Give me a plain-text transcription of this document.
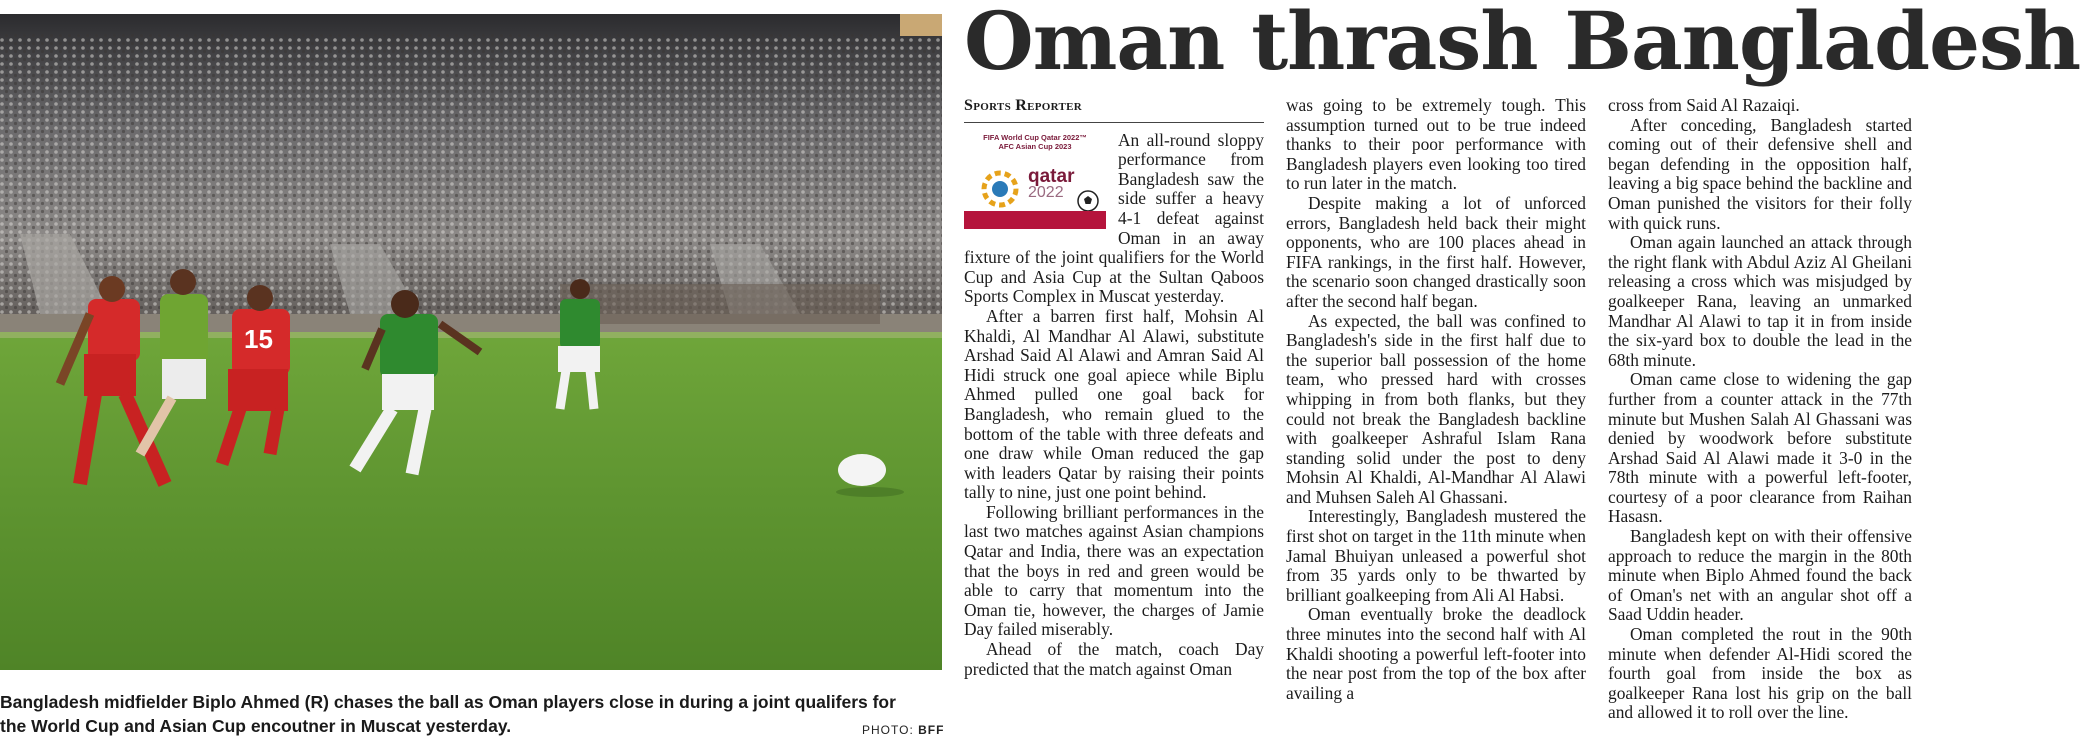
15
Bangladesh midfielder Biplo Ahmed (R) chases the ball as Oman players close in during a joint qualifers for the World Cup and Asian Cup encoutner in Muscat yesterday.	PHOTO: BFF
Oman thrash Bangladesh
Sports Reporter
FIFA World Cup Qatar 2022™
AFC Asian Cup 2023
qatar
2022

An all-round sloppy performance from Bangladesh saw the side suffer a heavy 4-1 defeat against Oman in an away fixture of the joint qualifiers for the World Cup and Asia Cup at the Sultan Qaboos Sports Complex in Muscat yesterday.

After a barren first half, Mohsin Al Khaldi, Al Mandhar Al Alawi, substitute Arshad Said Al Alawi and Amran Said Al Hidi struck one goal apiece while Biplu Ahmed pulled one goal back for Bangladesh, who remain glued to the bottom of the table with three defeats and one draw while Oman reduced the gap with leaders Qatar by raising their points tally to nine, just one point behind.

Following brilliant performances in the last two matches against Asian champions Qatar and India, there was an expectation that the boys in red and green would be able to carry that momentum into the Oman tie, however, the charges of Jamie Day failed miserably.

Ahead of the match, coach Day predicted that the match against Oman

was going to be extremely tough. This assumption turned out to be true indeed thanks to their poor performance with Bangladesh players even looking too tired to run later in the match.

Despite making a lot of unforced errors, Bangladesh held back their might opponents, who are 100 places ahead in FIFA rankings, in the first half. However, the scenario soon changed drastically soon after the second half began.

As expected, the ball was confined to Bangladesh's side in the first half due to the superior ball possession of the home team, who pressed hard with crosses whipping in from both flanks, but they could not break the Bangladesh backline with goalkeeper Ashraful Islam Rana standing solid under the post to deny Mohsin Al Khaldi, Al-Mandhar Al Alawi and Muhsen Saleh Al Ghassani.

Interestingly, Bangladesh mustered the first shot on target in the 11th minute when Jamal Bhuiyan unleased a powerful shot from 35 yards only to be thwarted by brilliant goalkeeping from Ali Al Habsi.

Oman eventually broke the deadlock three minutes into the second half with Al Khaldi shooting a powerful left-footer into the near post from the top of the box after availing a

cross from Said Al Razaiqi.

After conceding, Bangladesh started coming out of their defensive shell and began defending in the opposition half, leaving a big space behind the backline and Oman punished the visitors for their folly with quick runs.

Oman again launched an attack through the right flank with Abdul Aziz Al Gheilani releasing a cross which was misjudged by goalkeeper Rana, leaving an unmarked Mandhar Al Alawi to tap it in from inside the six-yard box to double the lead in the 68th minute.

Oman came close to widening the gap further from a counter attack in the 77th minute but Mushen Salah Al Ghassani was denied by woodwork before substitute Arshad Said Al Alawi made it 3-0 in the 78th minute with a powerful left-footer, courtesy of a poor clearance from Raihan Hasasn.

Bangladesh kept on with their offensive approach to reduce the margin in the 80th minute when Biplo Ahmed found the back of Oman's net with an angular shot off a Saad Uddin header.

Oman completed the rout in the 90th minute when defender Al-Hidi scored the fourth goal from inside the box as goalkeeper Rana lost his grip on the ball and allowed it to roll over the line.
